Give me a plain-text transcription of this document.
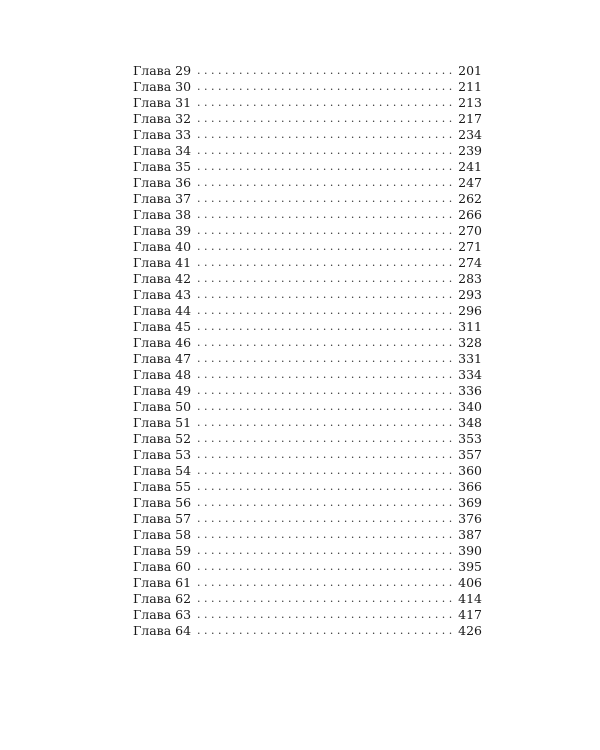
Глава 29 . . .	201
Глава 30 . . .	211
Глава 31 . . .	213
Глава 32 . . .	217
Глава 33 . . .	234
Глава 34 . . .	239
Глава 35 . . .	241
Глава 36 . . .	247
Глава 37 . . .	262
Глава 38 . . .	266
Глава 39 . . .	270
Глава 40 . . .	271
Глава 41 . . .	274
Глава 42 . . .	283
Глава 43 . . .	293
Глава 44 . . .	296
Глава 45 . . .	311
Глава 46 . . .	328
Глава 47 . . .	331
Глава 48 . . .	334
Глава 49 . . .	336
Глава 50 . . .	340
Глава 51 . . .	348
Глава 52 . . .	353
Глава 53 . . .	357
Глава 54 . . .	360
Глава 55 . . .	366
Глава 56 . . .	369
Глава 57 . . .	376
Глава 58 . . .	387
Глава 59 . . .	390
Глава 60 . . .	395
Глава 61 . . .	406
Глава 62 . . .	414
Глава 63 . . .	417
Глава 64 . . .	426
